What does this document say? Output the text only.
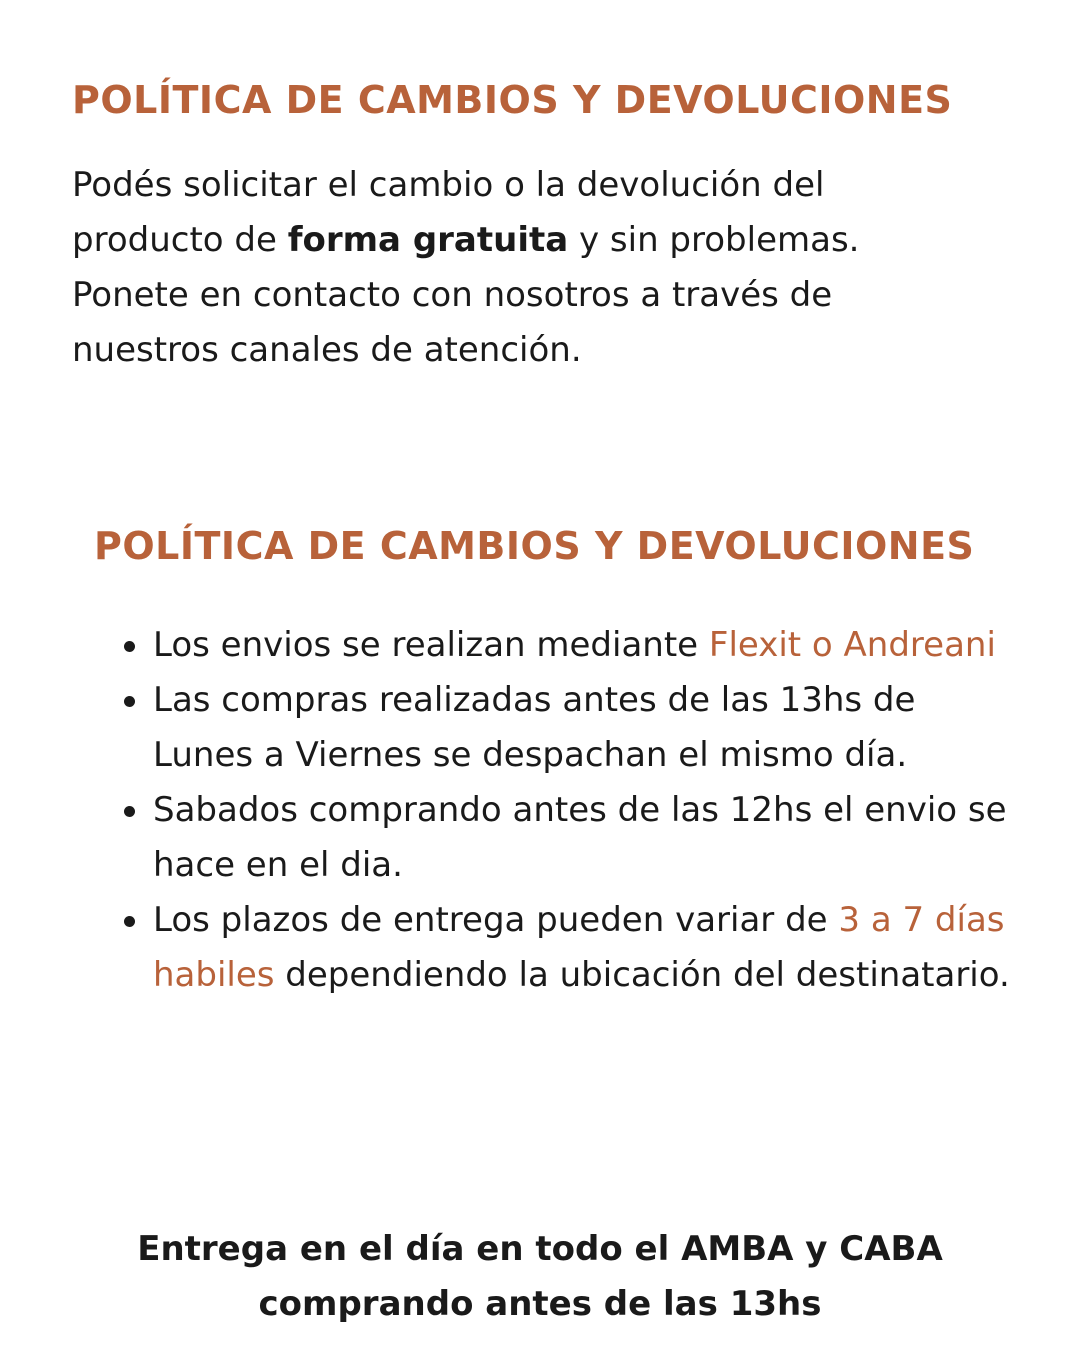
POLÍTICA DE CAMBIOS Y DEVOLUCIONES

Podés solicitar el cambio o la devolución del producto de forma gratuita y sin problemas. Ponete en contacto con nosotros a través de nuestros canales de atención.

POLÍTICA DE CAMBIOS Y DEVOLUCIONES
Los envios se realizan mediante Flexit o Andreani
Las compras realizadas antes de las 13hs de Lunes a Viernes se despachan el mismo día.
Sabados comprando antes de las 12hs el envio se hace en el dia.
Los plazos de entrega pueden variar de 3 a 7 días habiles dependiendo la ubicación del destinatario.

Entrega en el día en todo el AMBA y CABA
comprando antes de las 13hs
